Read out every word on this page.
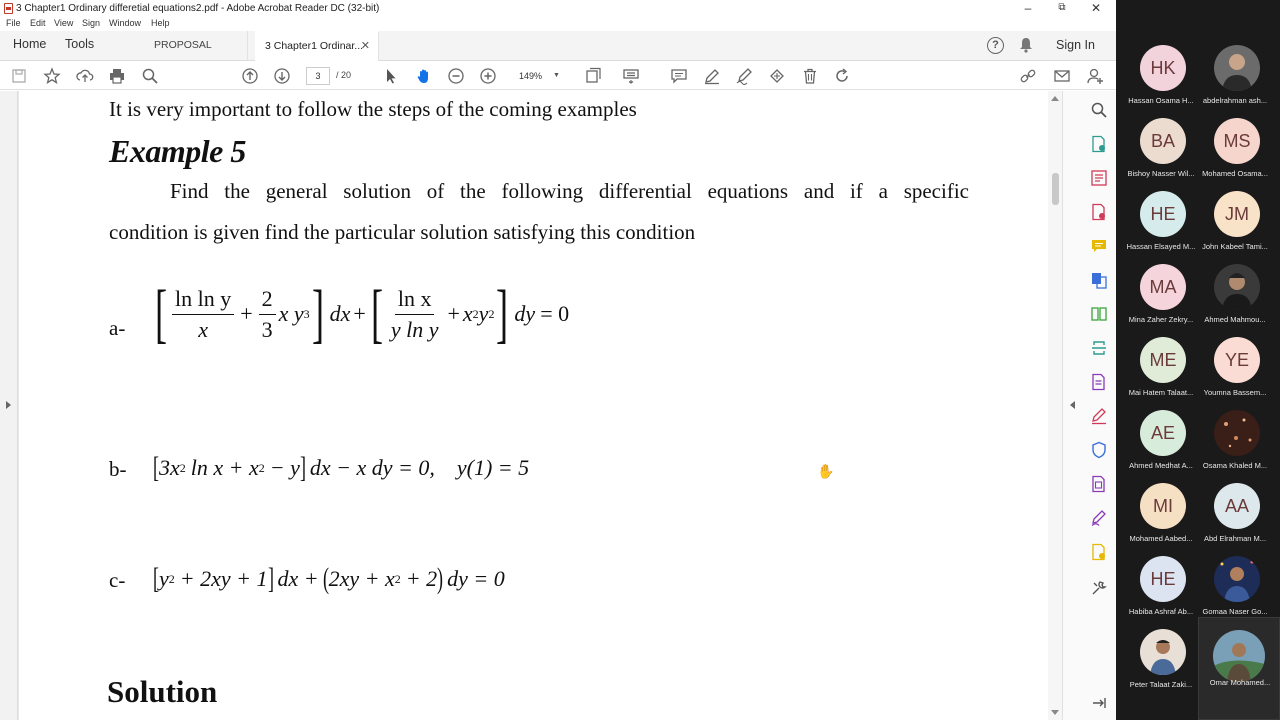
3 Chapter1 Ordinary differetial equations2.pdf - Adobe Acrobat Reader DC (32-bit)	–	⧉	✕
File Edit View Sign Window Help
Home Tools	PROPOSAL	3 Chapter1 Ordinar...
✕	?	Sign In
3	/ 20	149%	▼
It is very important to follow the steps of the coming examples
Example 5
Find the general solution of the following differential equations and if a specific
condition is given find the particular solution satisfying this condition
a-
b-
c-
[ $\frac{\text{ln ln y}}{x} + \frac{2}{3}$ x y 3 ] dx + [ $\frac{\text{ln x}}{\text{y ln y}} + x$ 2 y 2 ] dy = 0
[ 3x 2 ln x + x 2 − y ] dx − x dy = 0, y(1) = 5
[ y 2 + 2xy + 1 ] dx + ( 2xy + x 2 + 2 ) dy = 0
Solution
✋
HK
Hassan Osama H...	abdelrahman ash...
BA
Bishoy Nasser Wil...
MS
Mohamed Osama...
HE
Hassan Elsayed M...
JM
John Kabeel Tami...
MA
Mina Zaher Zekry...	Ahmed Mahmou...
ME
Mai Hatem Talaat...
YE
Youmna Bassem...
AE
Ahmed Medhat A...	Osama Khaled M...
MI
Mohamed Aabed...
AA
Abd Elrahman M...
HE
Habiba Ashraf Ab...	Gomaa Naser Go...
Peter Talaat Zaki...	Omar Mohamed...
